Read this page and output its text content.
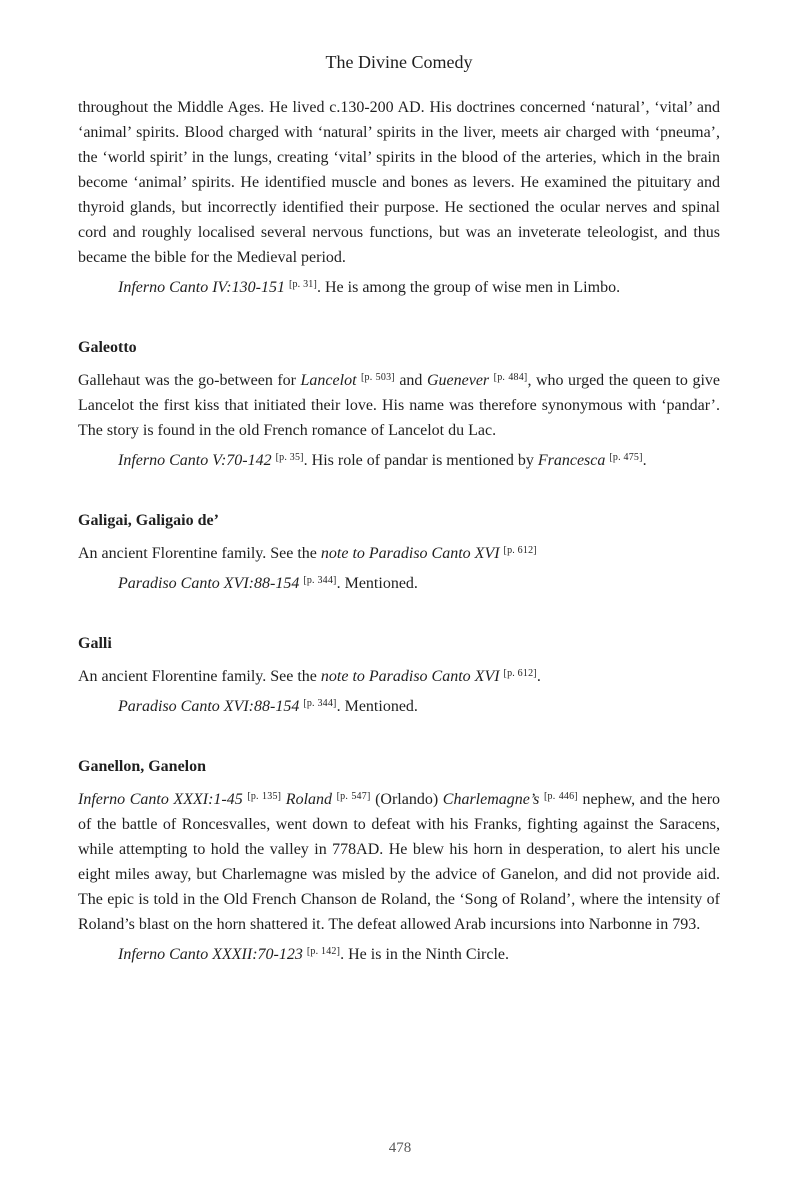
The Divine Comedy

throughout the Middle Ages. He lived c.130-200 AD. His doctrines concerned ‘natural’, ‘vital’ and ‘animal’ spirits. Blood charged with ‘natural’ spirits in the liver, meets air charged with ‘pneuma’, the ‘world spirit’ in the lungs, creating ‘vital’ spirits in the blood of the arteries, which in the brain become ‘animal’ spirits. He identified muscle and bones as levers. He examined the pituitary and thyroid glands, but incorrectly identified their purpose. He sectioned the ocular nerves and spinal cord and roughly localised several nervous functions, but was an inveterate teleologist, and thus became the bible for the Medieval period.

Inferno Canto IV:130-151 [p. 31]. He is among the group of wise men in Limbo.

Galeotto

Gallehaut was the go-between for Lancelot [p. 503] and Guenever [p. 484], who urged the queen to give Lancelot the first kiss that initiated their love. His name was therefore synonymous with ‘pandar’. The story is found in the old French romance of Lancelot du Lac.

Inferno Canto V:70-142 [p. 35]. His role of pandar is mentioned by Francesca [p. 475].

Galigai, Galigaio de’

An ancient Florentine family. See the note to Paradiso Canto XVI [p. 612]

Paradiso Canto XVI:88-154 [p. 344]. Mentioned.

Galli

An ancient Florentine family. See the note to Paradiso Canto XVI [p. 612].

Paradiso Canto XVI:88-154 [p. 344]. Mentioned.

Ganellon, Ganelon

Inferno Canto XXXI:1-45 [p. 135] Roland [p. 547] (Orlando) Charlemagne’s [p. 446] nephew, and the hero of the battle of Roncesvalles, went down to defeat with his Franks, fighting against the Saracens, while attempting to hold the valley in 778AD. He blew his horn in desperation, to alert his uncle eight miles away, but Charlemagne was misled by the advice of Ganelon, and did not provide aid. The epic is told in the Old French Chanson de Roland, the ‘Song of Roland’, where the intensity of Roland’s blast on the horn shattered it. The defeat allowed Arab incursions into Narbonne in 793.

Inferno Canto XXXII:70-123 [p. 142]. He is in the Ninth Circle.

478
